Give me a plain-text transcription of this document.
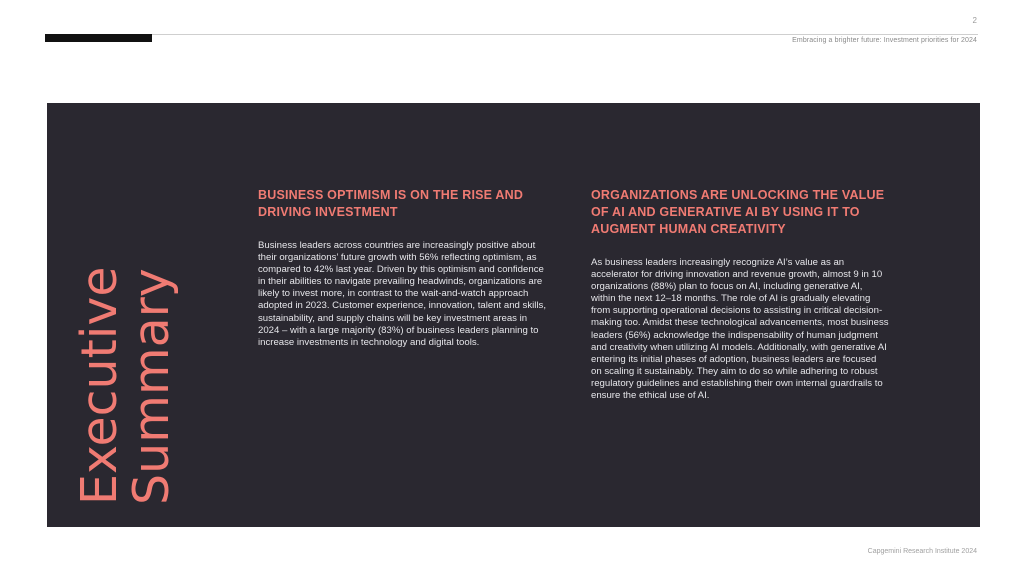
2
Embracing a brighter future: Investment priorities for 2024
Executive
Summary
BUSINESS OPTIMISM IS ON THE RISE AND DRIVING INVESTMENT

Business leaders across countries are increasingly positive about their organizations’ future growth with 56% reflecting optimism, as compared to 42% last year. Driven by this optimism and confidence in their abilities to navigate prevailing headwinds, organizations are likely to invest more, in contrast to the wait-and-watch approach adopted in 2023. Customer experience, innovation, talent and skills, sustainability, and supply chains will be key investment areas in 2024 – with a large majority (83%) of business leaders planning to increase investments in technology and digital tools.

ORGANIZATIONS ARE UNLOCKING THE VALUE OF AI AND GENERATIVE AI BY USING IT TO AUGMENT HUMAN CREATIVITY

As business leaders increasingly recognize AI’s value as an accelerator for driving innovation and revenue growth, almost 9 in 10 organizations (88%) plan to focus on AI, including generative AI, within the next 12–18 months. The role of AI is gradually elevating from supporting operational decisions to assisting in critical decision-making too. Amidst these technological advancements, most business leaders (56%) acknowledge the indispensability of human judgment and creativity when utilizing AI models. Additionally, with generative AI entering its initial phases of adoption, business leaders are focused on scaling it sustainably. They aim to do so while adhering to robust regulatory guidelines and establishing their own internal guardrails to ensure the ethical use of AI.

Capgemini Research Institute 2024
